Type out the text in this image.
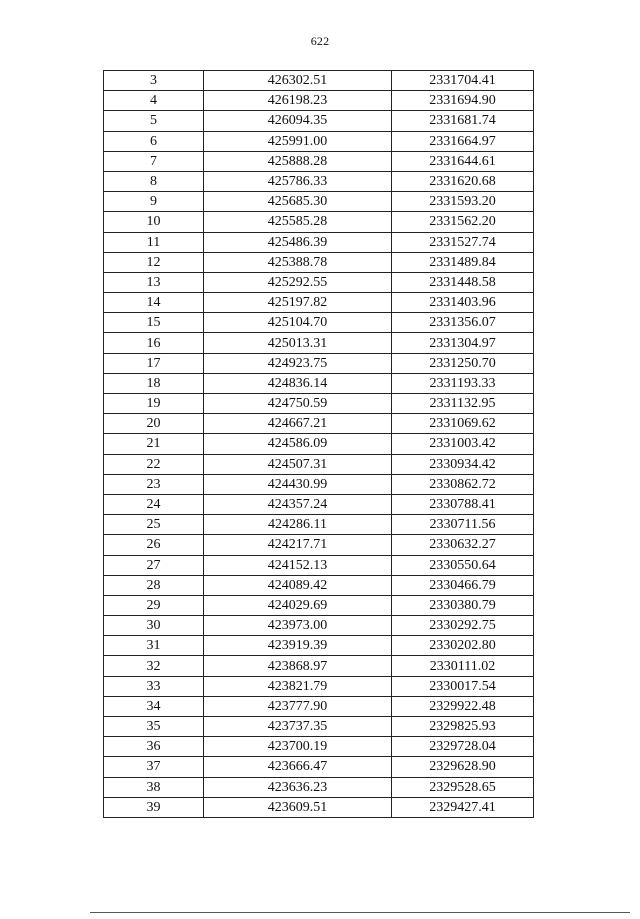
622
3	426302.51	2331704.41
4	426198.23	2331694.90
5	426094.35	2331681.74
6	425991.00	2331664.97
7	425888.28	2331644.61
8	425786.33	2331620.68
9	425685.30	2331593.20
10	425585.28	2331562.20
11	425486.39	2331527.74
12	425388.78	2331489.84
13	425292.55	2331448.58
14	425197.82	2331403.96
15	425104.70	2331356.07
16	425013.31	2331304.97
17	424923.75	2331250.70
18	424836.14	2331193.33
19	424750.59	2331132.95
20	424667.21	2331069.62
21	424586.09	2331003.42
22	424507.31	2330934.42
23	424430.99	2330862.72
24	424357.24	2330788.41
25	424286.11	2330711.56
26	424217.71	2330632.27
27	424152.13	2330550.64
28	424089.42	2330466.79
29	424029.69	2330380.79
30	423973.00	2330292.75
31	423919.39	2330202.80
32	423868.97	2330111.02
33	423821.79	2330017.54
34	423777.90	2329922.48
35	423737.35	2329825.93
36	423700.19	2329728.04
37	423666.47	2329628.90
38	423636.23	2329528.65
39	423609.51	2329427.41
